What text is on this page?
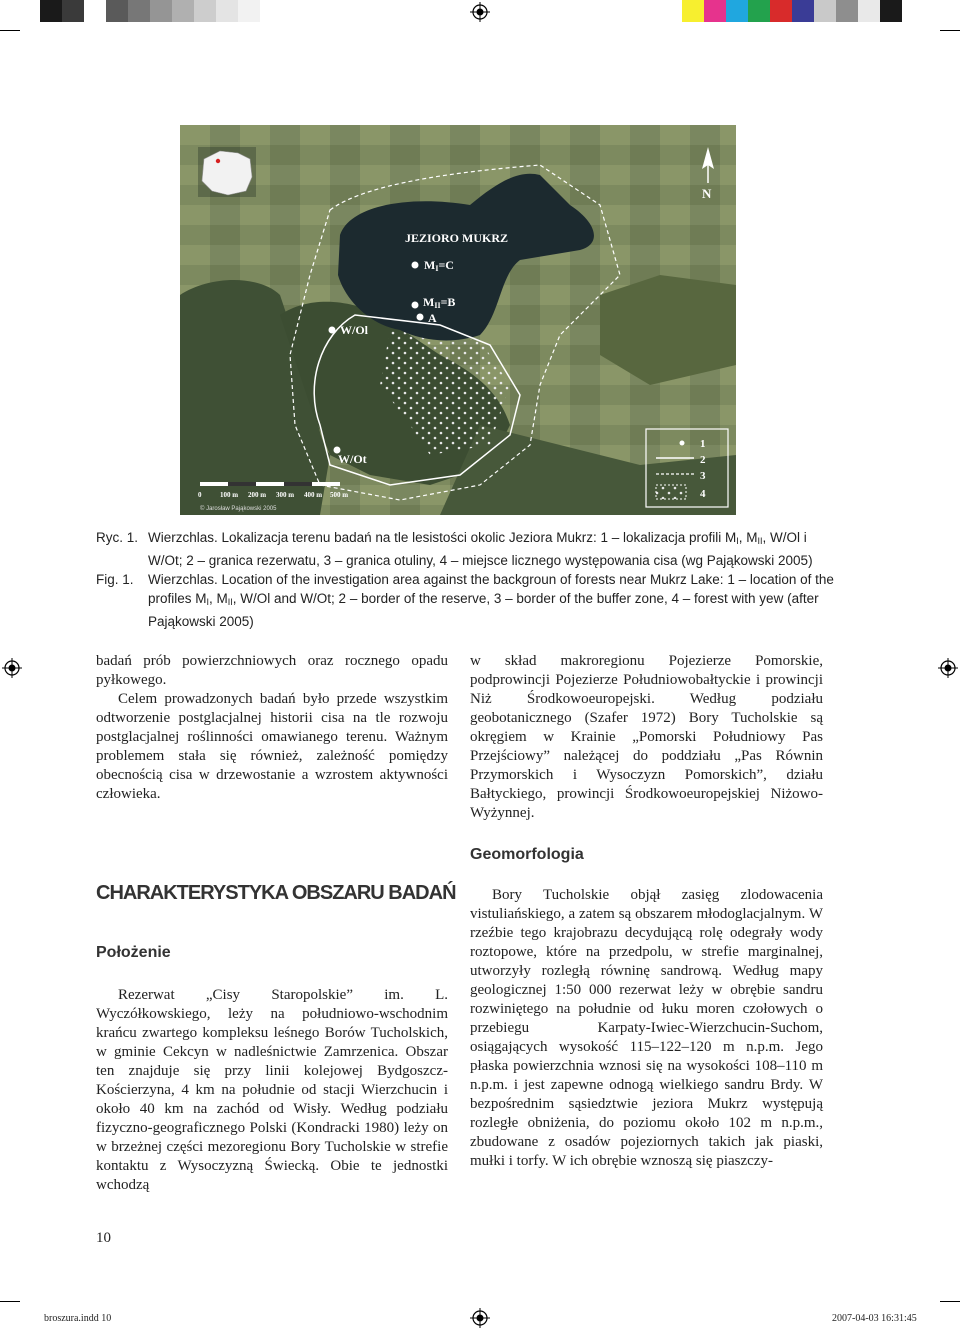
N
JEZIORO MUKRZ
MI=C
MII=B
A
W/Ol
W/Ot
0	100 m 200 m 300 m 400 m 500 m
© Jarosław Pająkowski 2005
1
2
3
4
Ryc. 1. Wierzchlas. Lokalizacja terenu badań na tle lesistości okolic Jeziora Mukrz: 1 – lokalizacja profili $M_I$, $M_{II}$, W/Ol i W/Ot; 2 – granica rezerwatu, 3 – granica otuliny, 4 – miejsce licznego występowania cisa (wg Pająkowski 2005)
Fig. 1.	Wierzchlas. Location of the investigation area against the backgroun of forests near Mukrz Lake: 1 – location of the profiles $M_I$, $M_{II}$, W/Ol and W/Ot; 2 – border of the reserve, 3 – border of the buffer zone, 4 – forest with yew (after Pająkowski 2005)

badań prób powierzchniowych oraz rocznego opadu pyłkowego.

Celem prowadzonych badań było przede wszystkim odtworzenie postglacjalnej historii cisa na tle rozwoju postglacjalnej roślinności omawianego terenu. Ważnym problemem stała się również, zależność pomiędzy obecnością cisa w drzewostanie a wzrostem aktywności człowieka.

w skład makroregionu Pojezierze Pomorskie, podprowincji Pojezierze Południowobałtyckie i prowincji Niż Środkowoeuropejski. Według podziału geobotanicznego (Szafer 1972) Bory Tucholskie są okręgiem w Krainie „Pomorski Południowy Pas Przejściowy” należącej do poddziału „Pas Równin Przymorskich i Wysoczyzn Pomorskich”, działu Bałtyckiego, prowincji Środkowoeuropejskiej Niżowo-Wyżynnej.

Geomorfologia
CHARAKTERYSTYKA OBSZARU BADAŃ
Położenie

Rezerwat „Cisy Staropolskie” im. L. Wyczółkowskiego, leży na południowo-wschodnim krańcu zwartego kompleksu leśnego Borów Tucholskich, w gminie Cekcyn w nadleśnictwie Zamrzenica. Obszar ten znajduje się przy linii kolejowej Bydgoszcz-Kościerzyna, 4 km na południe od stacji Wierzchucin i około 40 km na zachód od Wisły. Według podziału fizyczno-geograficznego Polski (Kondracki 1980) leży on w brzeżnej części mezoregionu Bory Tucholskie w strefie kontaktu z Wysoczyzną Świecką. Obie te jednostki wchodzą

Bory Tucholskie objął zasięg zlodowacenia vistuliańskiego, a zatem są obszarem młodoglacjalnym. W rzeźbie tego krajobrazu decydującą rolę odegrały wody roztopowe, które na przedpolu, w strefie marginalnej, utworzyły rozległą równinę sandrową. Według mapy geologicznej 1:50 000 rezerwat leży w obrębie sandru rozwiniętego na południe od łuku moren czołowych o przebiegu Karpaty-Iwiec-Wierzchucin-Suchom, osiągających wysokość 115–122–120 m n.p.m. Jego płaska powierzchnia wznosi się na wysokości 108–110 m n.p.m. i jest zapewne odnogą wielkiego sandru Brdy. W bezpośrednim sąsiedztwie jeziora Mukrz występują rozległe obniżenia, do poziomu około 102 m n.p.m., zbudowane z osadów pojeziornych takich jak piaski, mułki i torfy. W ich obrębie wznoszą się piaszczy-

10
broszura.indd 10	2007-04-03 16:31:45
